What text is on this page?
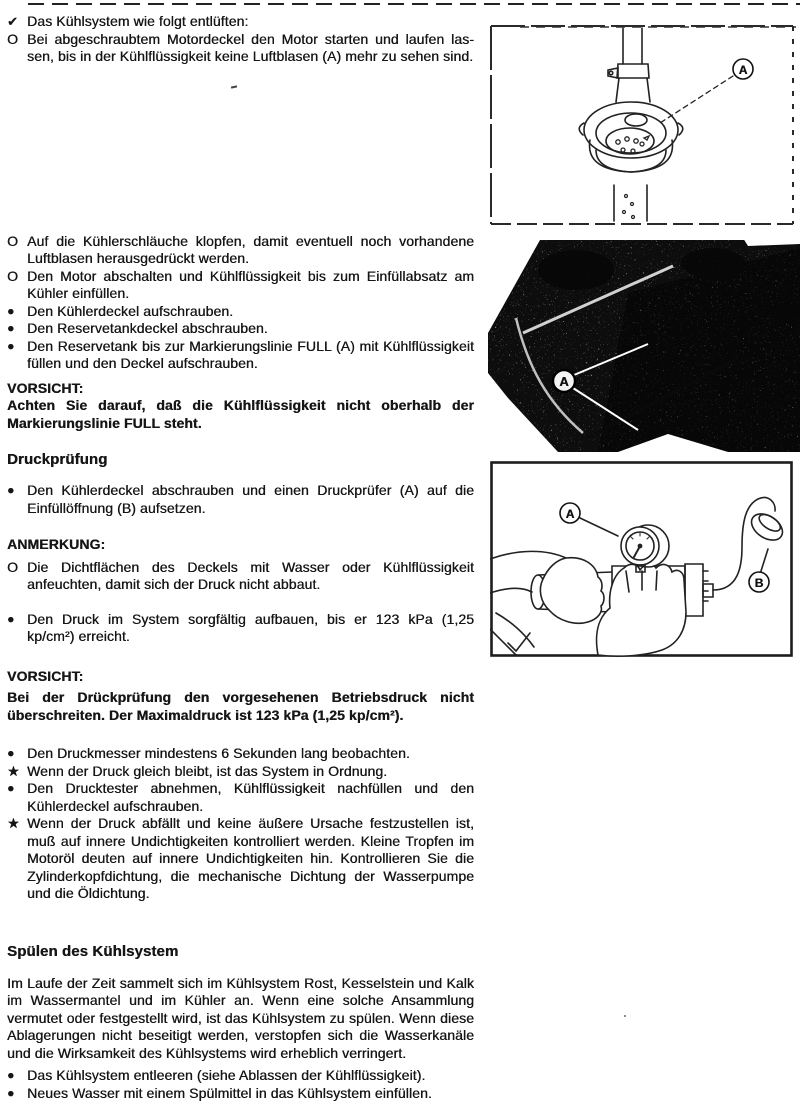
✔ Das Kühlsystem wie folgt entlüften:
O Bei abgeschraubtem Motordeckel den Motor starten und laufen las- sen, bis in der Kühlflüssigkeit keine Luftblasen (A) mehr zu sehen sind.
O Auf die Kühlerschläuche klopfen, damit eventuell noch vorhandene Luftblasen herausgedrückt werden.
O Den Motor abschalten und Kühlflüssigkeit bis zum Einfüllabsatz am Kühler einfüllen.
● Den Kühlerdeckel aufschrauben.
● Den Reservetankdeckel abschrauben.
● Den Reservetank bis zur Markierungslinie FULL (A) mit Kühlflüssigkeit füllen und den Deckel aufschrauben.
VORSICHT:
Achten Sie darauf, daß die Kühlflüssigkeit nicht oberhalb der Markierungslinie FULL steht.
Druckprüfung
● Den Kühlerdeckel abschrauben und einen Druckprüfer (A) auf die Einfüllöffnung (B) aufsetzen.
ANMERKUNG:
O Die Dichtflächen des Deckels mit Wasser oder Kühlflüssigkeit anfeuchten, damit sich der Druck nicht abbaut.
● Den Druck im System sorgfältig aufbauen, bis er 123 kPa (1,25 kp/cm²) erreicht.
VORSICHT:
Bei der Drückprüfung den vorgesehenen Betriebsdruck nicht überschreiten. Der Maximaldruck ist 123 kPa (1,25 kp/cm²).
● Den Druckmesser mindestens 6 Sekunden lang beobachten.
★ Wenn der Druck gleich bleibt, ist das System in Ordnung.
● Den Drucktester abnehmen, Kühlflüssigkeit nachfüllen und den Kühlerdeckel aufschrauben.
★ Wenn der Druck abfällt und keine äußere Ursache festzustellen ist, muß auf innere Undichtigkeiten kontrolliert werden. Kleine Tropfen im Motoröl deuten auf innere Undichtigkeiten hin. Kontrollieren Sie die Zylinderkopfdichtung, die mechanische Dichtung der Wasserpumpe und die Öldichtung.
Spülen des Kühlsystem
Im Laufe der Zeit sammelt sich im Kühlsystem Rost, Kesselstein und Kalk im Wassermantel und im Kühler an. Wenn eine solche Ansammlung vermutet oder festgestellt wird, ist das Kühlsystem zu spülen. Wenn diese Ablagerungen nicht beseitigt werden, verstopfen sich die Wasserkanäle und die Wirksamkeit des Kühlsystems wird erheblich verringert.
● Das Kühlsystem entleeren (siehe Ablassen der Kühlflüssigkeit).
● Neues Wasser mit einem Spülmittel in das Kühlsystem einfüllen.
A
A
A
B
